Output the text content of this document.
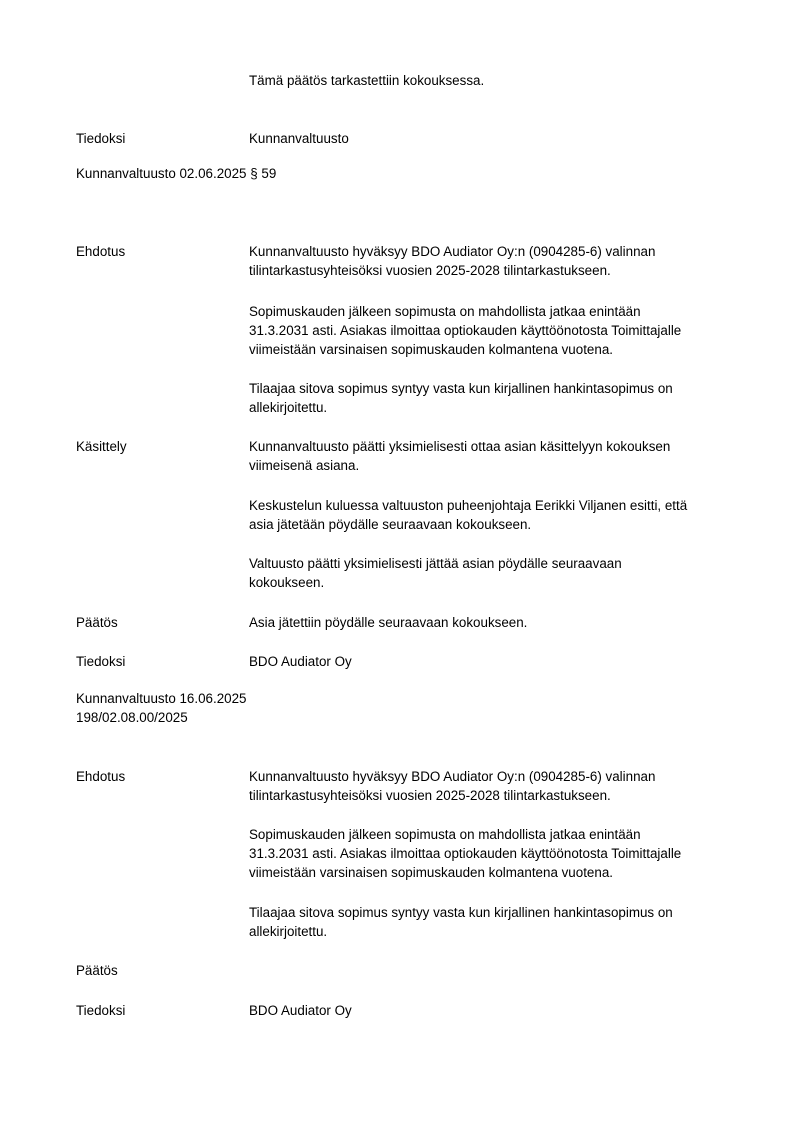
Tämä päätös tarkastettiin kokouksessa.
Tiedoksi	Kunnanvaltuusto
Kunnanvaltuusto 02.06.2025 § 59
Ehdotus	Kunnanvaltuusto hyväksyy BDO Audiator Oy:n (0904285-6) valinnan
tilintarkastusyhteisöksi vuosien 2025-2028 tilintarkastukseen.
Sopimuskauden jälkeen sopimusta on mahdollista jatkaa enintään
31.3.2031 asti. Asiakas ilmoittaa optiokauden käyttöönotosta Toimittajalle
viimeistään varsinaisen sopimuskauden kolmantena vuotena.
Tilaajaa sitova sopimus syntyy vasta kun kirjallinen hankintasopimus on
allekirjoitettu.
Käsittely	Kunnanvaltuusto päätti yksimielisesti ottaa asian käsittelyyn kokouksen
viimeisenä asiana.
Keskustelun kuluessa valtuuston puheenjohtaja Eerikki Viljanen esitti, että
asia jätetään pöydälle seuraavaan kokoukseen.
Valtuusto päätti yksimielisesti jättää asian pöydälle seuraavaan
kokoukseen.
Päätös	Asia jätettiin pöydälle seuraavaan kokoukseen.
Tiedoksi	BDO Audiator Oy
Kunnanvaltuusto 16.06.2025
198/02.08.00/2025
Ehdotus	Kunnanvaltuusto hyväksyy BDO Audiator Oy:n (0904285-6) valinnan
tilintarkastusyhteisöksi vuosien 2025-2028 tilintarkastukseen.
Sopimuskauden jälkeen sopimusta on mahdollista jatkaa enintään
31.3.2031 asti. Asiakas ilmoittaa optiokauden käyttöönotosta Toimittajalle
viimeistään varsinaisen sopimuskauden kolmantena vuotena.
Tilaajaa sitova sopimus syntyy vasta kun kirjallinen hankintasopimus on
allekirjoitettu.
Päätös
Tiedoksi	BDO Audiator Oy
